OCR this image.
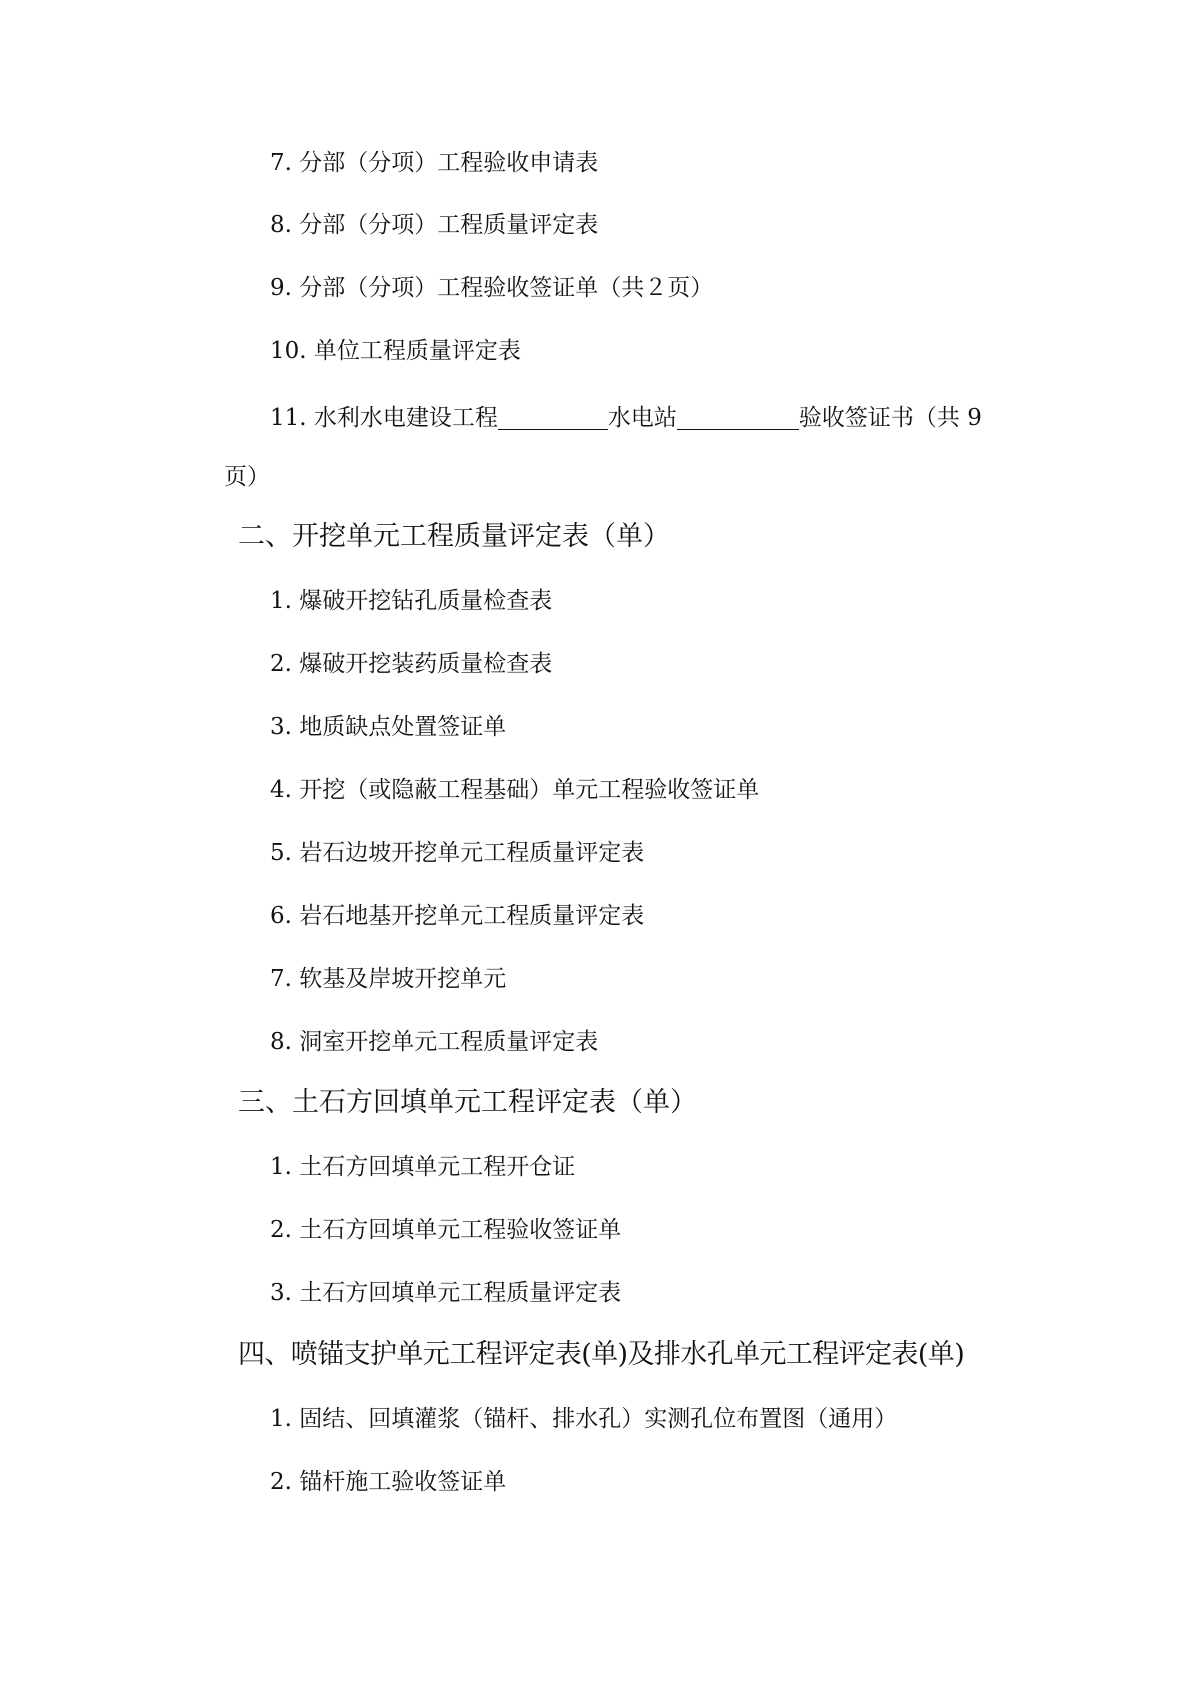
7. 分部（分项）工程验收申请表
8. 分部（分项）工程质量评定表
9. 分部（分项）工程验收签证单（共２页）
10. 单位工程质量评定表
11. 水利水电建设工程	水电站	验收签证书（共 9
页）
二、开挖单元工程质量评定表（单）
1. 爆破开挖钻孔质量检查表
2. 爆破开挖装药质量检查表
3. 地质缺点处置签证单
4. 开挖（或隐蔽工程基础）单元工程验收签证单
5. 岩石边坡开挖单元工程质量评定表
6. 岩石地基开挖单元工程质量评定表
7. 软基及岸坡开挖单元
8. 洞室开挖单元工程质量评定表
三、土石方回填单元工程评定表（单）
1. 土石方回填单元工程开仓证
2. 土石方回填单元工程验收签证单
3. 土石方回填单元工程质量评定表
四、喷锚支护单元工程评定表(单)及排水孔单元工程评定表(单)
1. 固结、回填灌浆（锚杆、排水孔）实测孔位布置图（通用）
2. 锚杆施工验收签证单
